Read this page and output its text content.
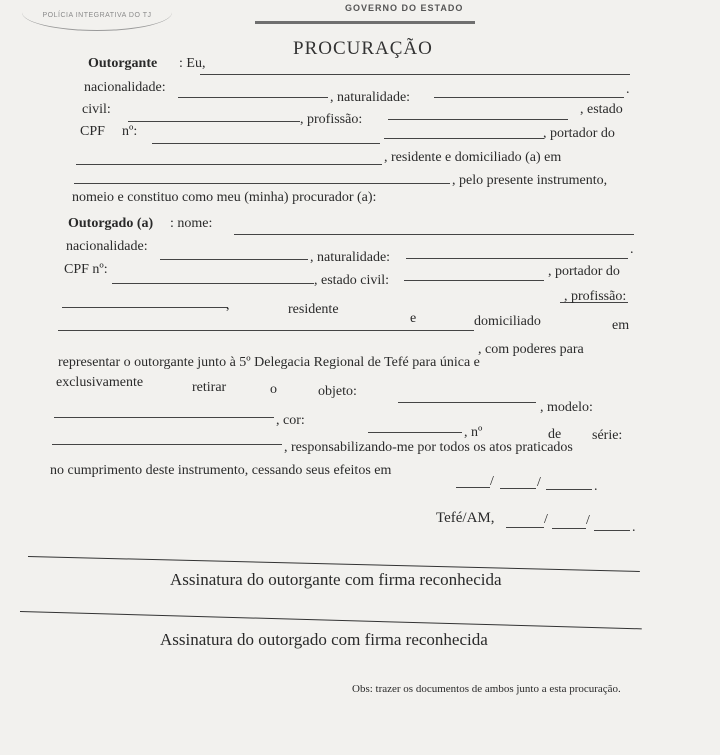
POLÍCIA INTEGRATIVA DO TJ
GOVERNO DO ESTADO
PROCURAÇÃO
Outorgante : Eu,
nacionalidade:
, naturalidade:
.
civil:
, profissão:
, estado
CPF nº:	, portador do
, residente e domiciliado (a) em
, pelo presente instrumento,
nomeio e constituo como meu (minha) procurador (a):
Outorgado (a) : nome:
nacionalidade:
, naturalidade:
.
CPF nº:
, estado civil:
, portador do
,	residente
e	domiciliado	em
, profissão:
, com poderes para
representar o outorgante junto à 5º Delegacia Regional de Tefé para única e
exclusivamente	retirar	o	objeto:
, modelo:
, cor:
, nº	de série:
, responsabilizando-me por todos os atos praticados
no cumprimento deste instrumento, cessando seus efeitos em
/	/	.
Tefé/AM,	/	/	.
Assinatura do outorgante com firma reconhecida
Assinatura do outorgado com firma reconhecida
Obs: trazer os documentos de ambos junto a esta procuração.
